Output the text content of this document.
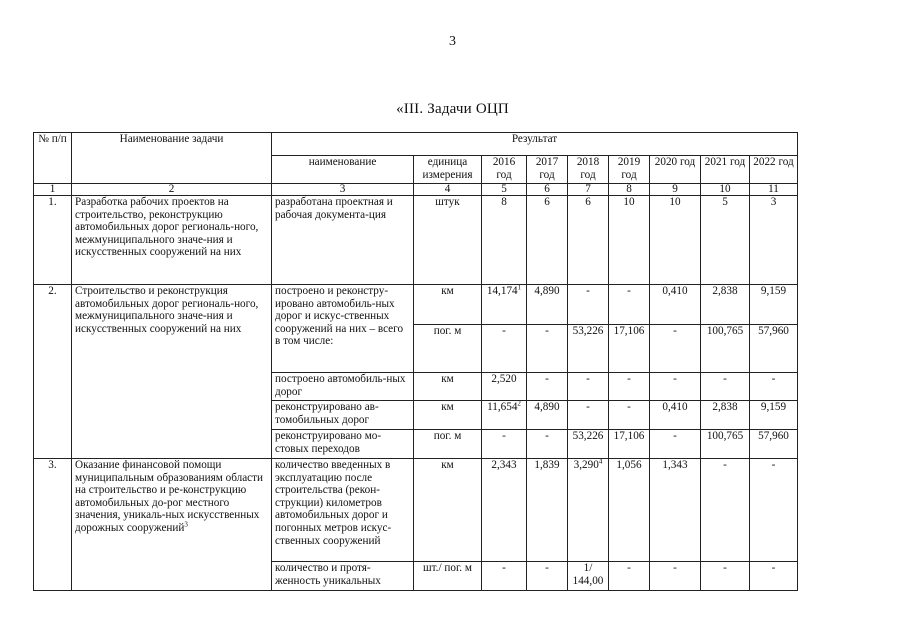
3
«III. Задачи ОЦП
№ п/п	Наименование задачи	Результат								
		наименование	единица измерения	2016 год	2017 год	2018 год	2019 год	2020 год	2021 год	2022 год
1	2	3	4	5	6	7	8	9	10	11
1.	Разработка рабочих проектов на строительство, реконструкцию автомобильных дорог региональ-ного, межмуниципального значе-ния и искусственных сооружений на них	разработана проектная и рабочая документа-ция	штук	8	6	6	10	10	5	3
2.	Строительство и реконструкция автомобильных дорог региональ-ного, межмуниципального значе-ния и искусственных сооружений на них	построено и реконстру-ировано автомобиль-ных дорог и искус-ственных сооружений на них – всего в том числе:	км	14,174$^1$	4,890	-	-	0,410	2,838	9,159
			пог. м	-	-	53,226	17,106	-	100,765	57,960
		построено автомобиль-ных дорог	км	2,520	-	-	-	-	-	-
		реконструировано ав-томобильных дорог	км	11,654$^2$	4,890	-	-	0,410	2,838	9,159
		реконструировано мо-стовых переходов	пог. м	-	-	53,226	17,106	-	100,765	57,960
3.	Оказание финансовой помощи муниципальным образованиям области на строительство и ре-конструкцию автомобильных до-рог местного значения, уникаль-ных искусственных дорожных сооружений$^3$	количество введенных в эксплуатацию после строительства (рекон-струкции) километров автомобильных дорог и погонных метров искус-ственных сооружений	км	2,343	1,839	3,290$^4$	1,056	1,343	-	-
		количество и протя-женность уникальных	шт./ пог. м	-	-	1/ 144,00	-	-	-	-
